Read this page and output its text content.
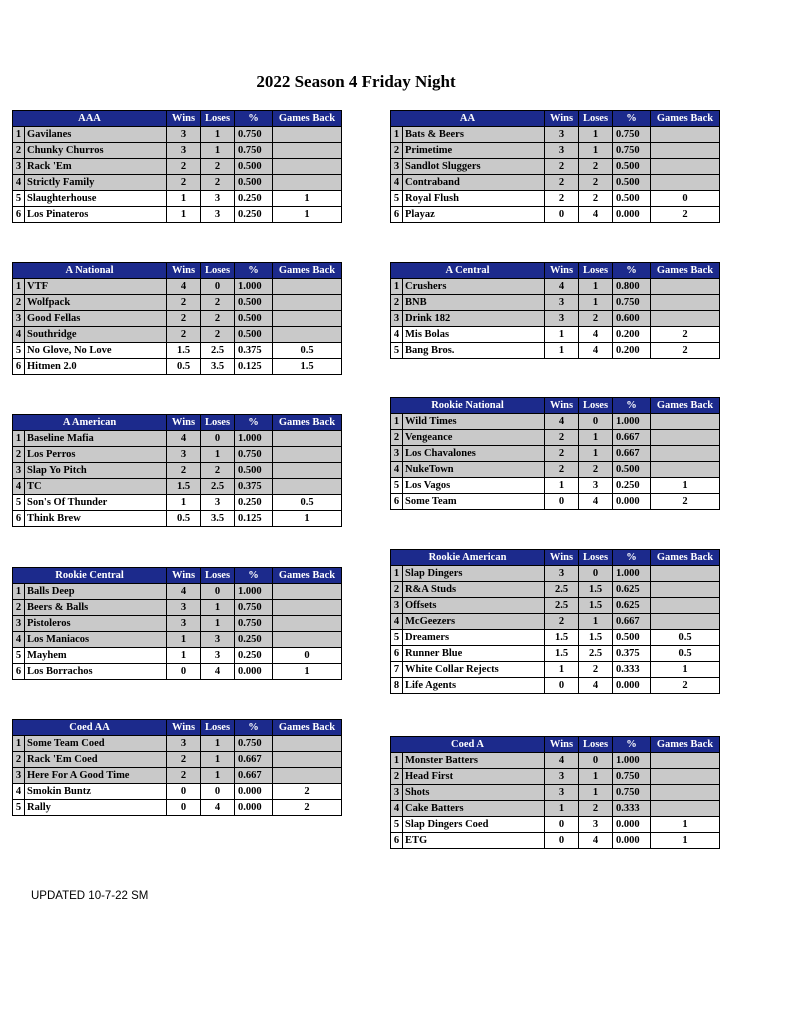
2022 Season 4 Friday Night
AAA		Wins	Loses	%	Games Back
1	Gavilanes	3	1	0.750	
2	Chunky Churros	3	1	0.750	
3	Rack 'Em	2	2	0.500	
4	Strictly Family	2	2	0.500	
5	Slaughterhouse	1	3	0.250	1
6	Los Pinateros	1	3	0.250	1
AA		Wins	Loses	%	Games Back
1	Bats & Beers	3	1	0.750	
2	Primetime	3	1	0.750	
3	Sandlot Sluggers	2	2	0.500	
4	Contraband	2	2	0.500	
5	Royal Flush	2	2	0.500	0
6	Playaz	0	4	0.000	2
A National		Wins	Loses	%	Games Back
1	VTF	4	0	1.000	
2	Wolfpack	2	2	0.500	
3	Good Fellas	2	2	0.500	
4	Southridge	2	2	0.500	
5	No Glove, No Love	1.5	2.5	0.375	0.5
6	Hitmen 2.0	0.5	3.5	0.125	1.5
A Central		Wins	Loses	%	Games Back
1	Crushers	4	1	0.800	
2	BNB	3	1	0.750	
3	Drink 182	3	2	0.600	
4	Mis Bolas	1	4	0.200	2
5	Bang Bros.	1	4	0.200	2
A American		Wins	Loses	%	Games Back
1	Baseline Mafia	4	0	1.000	
2	Los Perros	3	1	0.750	
3	Slap Yo Pitch	2	2	0.500	
4	TC	1.5	2.5	0.375	
5	Son's Of Thunder	1	3	0.250	0.5
6	Think Brew	0.5	3.5	0.125	1
Rookie National		Wins	Loses	%	Games Back
1	Wild Times	4	0	1.000	
2	Vengeance	2	1	0.667	
3	Los Chavalones	2	1	0.667	
4	NukeTown	2	2	0.500	
5	Los Vagos	1	3	0.250	1
6	Some Team	0	4	0.000	2
Rookie Central		Wins	Loses	%	Games Back
1	Balls Deep	4	0	1.000	
2	Beers & Balls	3	1	0.750	
3	Pistoleros	3	1	0.750	
4	Los Maniacos	1	3	0.250	
5	Mayhem	1	3	0.250	0
6	Los Borrachos	0	4	0.000	1
Rookie American		Wins	Loses	%	Games Back
1	Slap Dingers	3	0	1.000	
2	R&A Studs	2.5	1.5	0.625	
3	Offsets	2.5	1.5	0.625	
4	McGeezers	2	1	0.667	
5	Dreamers	1.5	1.5	0.500	0.5
6	Runner Blue	1.5	2.5	0.375	0.5
7	White Collar Rejects	1	2	0.333	1
8	Life Agents	0	4	0.000	2
Coed AA		Wins	Loses	%	Games Back
1	Some Team Coed	3	1	0.750	
2	Rack 'Em Coed	2	1	0.667	
3	Here For A Good Time	2	1	0.667	
4	Smokin Buntz	0	0	0.000	2
5	Rally	0	4	0.000	2
Coed A		Wins	Loses	%	Games Back
1	Monster Batters	4	0	1.000	
2	Head First	3	1	0.750	
3	Shots	3	1	0.750	
4	Cake Batters	1	2	0.333	
5	Slap Dingers Coed	0	3	0.000	1
6	ETG	0	4	0.000	1
UPDATED 10-7-22 SM
